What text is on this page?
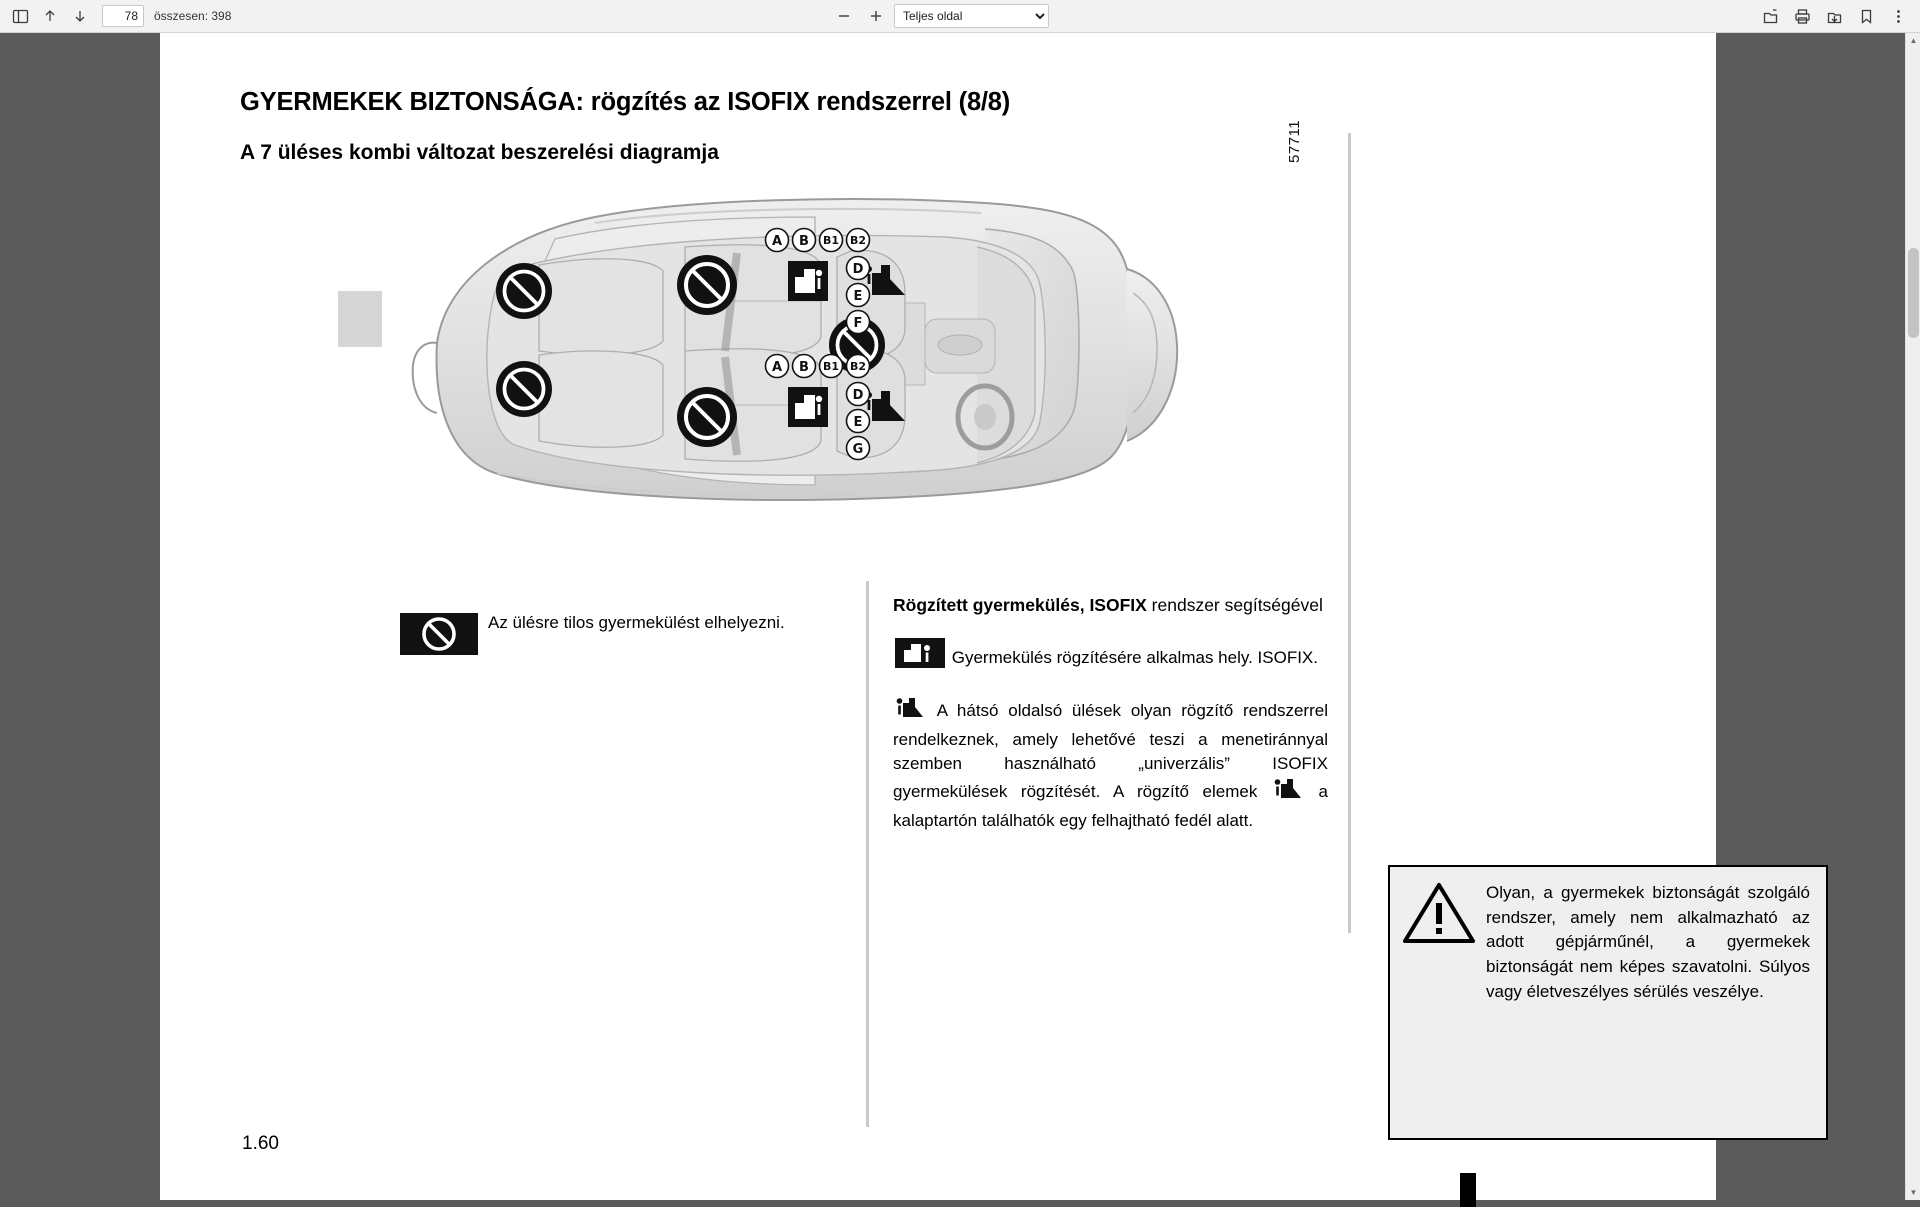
78
összesen: 398
Teljes oldal
▲
▼
GYERMEKEK BIZTONSÁGA: rögzítés az ISOFIX rendszerrel (8/8)
A 7 üléses kombi változat beszerelési diagramja	57711
A B B1 B2
D
E
F
A B B1 B2
D
E
G

Az ülésre tilos gyermekülést elhelyezni.

Rögzített gyermekülés, ISOFIX rendszer segítségével

Gyermekülés rögzítésére alkalmas hely. ISOFIX.

A hátsó oldalsó ülések olyan rögzítő rendszerrel rendelkeznek, amely lehetővé teszi a menetiránnyal szemben használható „univerzális” ISOFIX gyermekülések rögzítését. A rögzítő elemek	a kalaptartón találhatók egy felhajtható fedél alatt.

Olyan, a gyermekek biztonságát szolgáló rendszer, amely nem alkalmazható az adott gépjárműnél, a gyermekek biztonságát nem képes szavatolni. Súlyos vagy életveszélyes sérülés veszélye.

1.60
